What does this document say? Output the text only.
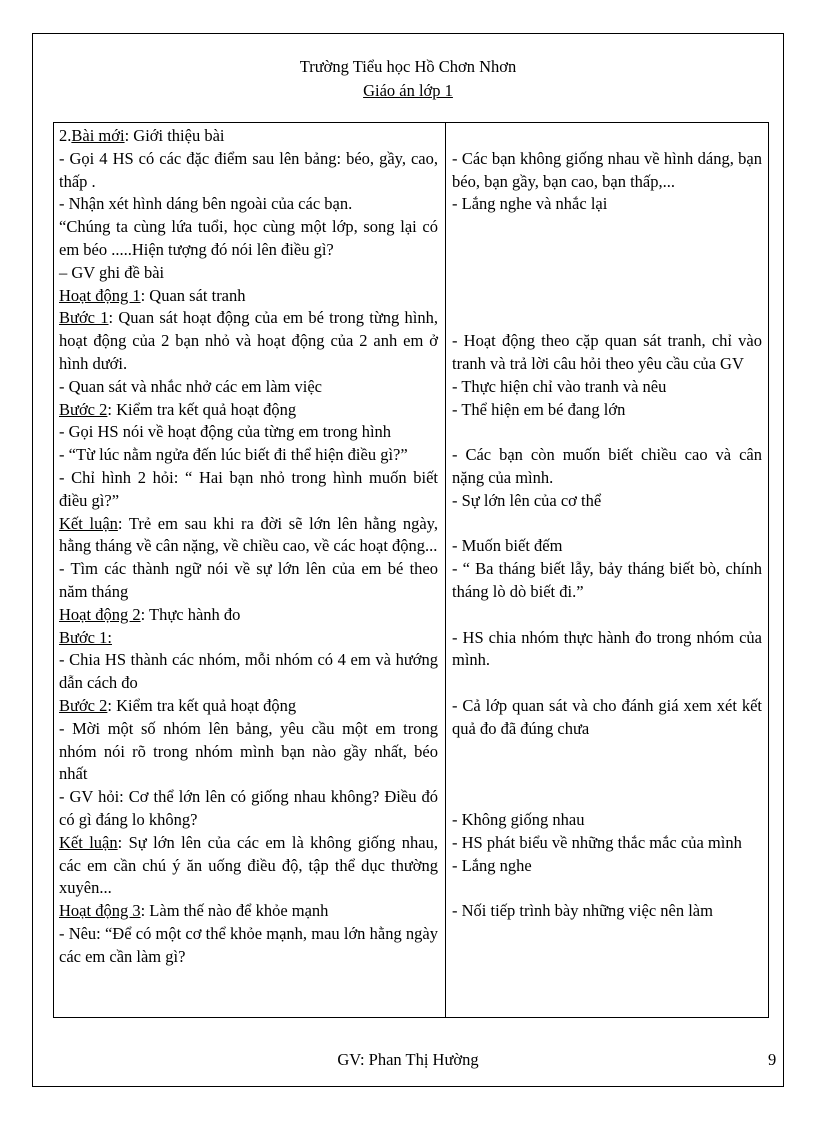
Trường Tiểu học Hồ Chơn Nhơn
Giáo án lớp 1

2.Bài mới: Giới thiệu bài

- Gọi 4 HS có các đặc điểm sau lên bảng: béo, gầy, cao, thấp .

- Nhận xét hình dáng bên ngoài của các bạn.

“Chúng ta cùng lứa tuổi, học cùng một lớp, song lại có em béo .....Hiện tượng đó nói lên điều gì?

– GV ghi đề bài

Hoạt động 1: Quan sát tranh

Bước 1: Quan sát hoạt động của em bé trong từng hình, hoạt động của 2 bạn nhỏ và hoạt động của 2 anh em ở hình dưới.

- Quan sát và nhắc nhở các em làm việc

Bước 2: Kiểm tra kết quả hoạt động

- Gọi HS nói về hoạt động của từng em trong hình

- “Từ lúc nằm ngửa đến lúc biết đi thể hiện điều gì?”

- Chỉ hình 2 hỏi: “ Hai bạn nhỏ trong hình muốn biết điều gì?”

Kết luận: Trẻ em sau khi ra đời sẽ lớn lên hằng ngày, hằng tháng về cân nặng, về chiều cao, về các hoạt động...

- Tìm các thành ngữ nói về sự lớn lên của em bé theo năm tháng

Hoạt động 2: Thực hành đo

Bước 1:

- Chia HS thành các nhóm, mỗi nhóm có 4 em và hướng dẫn cách đo

Bước 2: Kiểm tra kết quả hoạt động

- Mời một số nhóm lên bảng, yêu cầu một em trong nhóm nói rõ trong nhóm mình bạn nào gầy nhất, béo nhất

- GV hỏi: Cơ thể lớn lên có giống nhau không? Điều đó có gì đáng lo không?

Kết luận: Sự lớn lên của các em là không giống nhau, các em cần chú ý ăn uống điều độ, tập thể dục thường xuyên...

Hoạt động 3: Làm thế nào để khỏe mạnh

- Nêu: “Để có một cơ thể khỏe mạnh, mau lớn hằng ngày các em cần làm gì?

- Các bạn không giống nhau về hình dáng, bạn béo, bạn gầy, bạn cao, bạn thấp,...

- Lắng nghe và nhắc lại

- Hoạt động theo cặp quan sát tranh, chỉ vào tranh và trả lời câu hỏi theo yêu cầu của GV

- Thực hiện chỉ vào tranh và nêu

- Thể hiện em bé đang lớn

- Các bạn còn muốn biết chiều cao và cân nặng của mình.

- Sự lớn lên của cơ thể

- Muốn biết đếm

- “ Ba tháng biết lẫy, bảy tháng biết bò, chính tháng lò dò biết đi.”

- HS chia nhóm thực hành đo trong nhóm của mình.

- Cả lớp quan sát và cho đánh giá xem xét kết quả đo đã đúng chưa

- Không giống nhau

- HS phát biểu về những thắc mắc của mình

- Lắng nghe

- Nối tiếp trình bày những việc nên làm

GV: Phan Thị Hường	9
